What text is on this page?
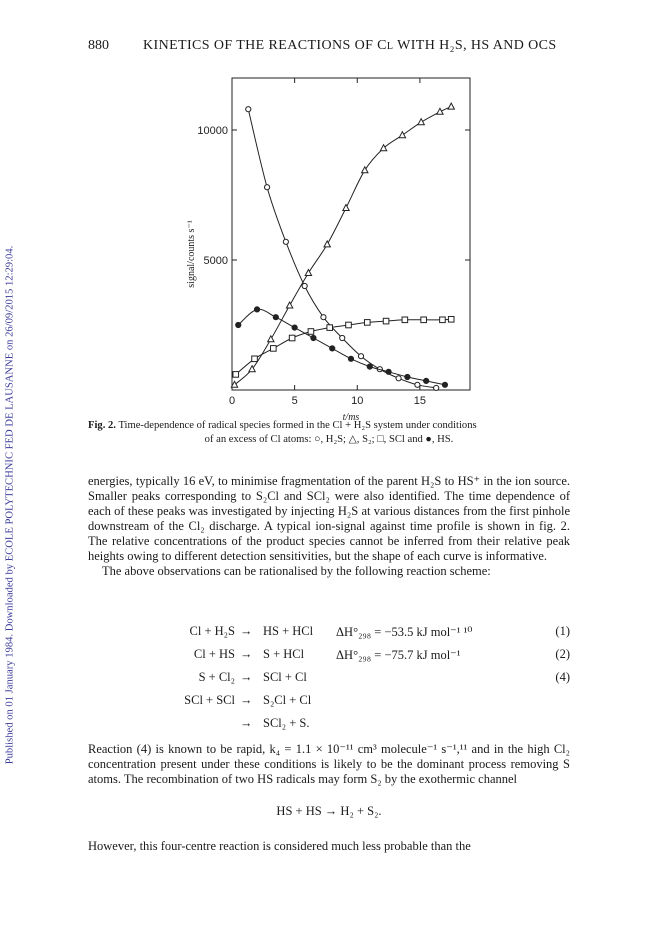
Published on 01 January 1984. Downloaded by ECOLE POLYTECHNIC FED DE LAUSANNE on 26/09/2015 12:29:04.
880 KINETICS OF THE REACTIONS OF Cl WITH H₂S, HS AND OCS
0	5	10	15
5000
10000
t/ms
signal/counts s⁻¹
Fig. 2. Time-dependence of radical species formed in the Cl + H₂S system under conditions
of an excess of Cl atoms: ○, H₂S; △, S₂; □, SCl and ●, HS.

energies, typically 16 eV, to minimise fragmentation of the parent H₂S to HS⁺ in the ion source. Smaller peaks corresponding to S₂Cl and SCl₂ were also identified. The time dependence of each of these peaks was investigated by injecting H₂S at various distances from the first pinhole downstream of the Cl₂ discharge. A typical ion-signal against time profile is shown in fig. 2. The relative concentrations of the product species cannot be inferred from their relative peak heights owing to different detection sensitivities, but the shape of each curve is informative.

The above observations can be rationalised by the following reaction scheme:

Cl + H₂S → HS + HCl ΔH°₂₉₈ = −53.5 kJ mol⁻¹ ¹⁰	(1)
Cl + HS → S + HCl	ΔH°₂₉₈ = −75.7 kJ mol⁻¹	(2)
S + Cl₂ → SCl + Cl	(4)
SCl + SCl → S₂Cl + Cl
→ SCl₂ + S.

Reaction (4) is known to be rapid, k₄ = 1.1 × 10⁻¹¹ cm³ molecule⁻¹ s⁻¹,¹¹ and in the high Cl₂ concentration present under these conditions is likely to be the dominant process removing S atoms. The recombination of two HS radicals may form S₂ by the exothermic channel

HS + HS → H₂ + S₂.

However, this four-centre reaction is considered much less probable than the
